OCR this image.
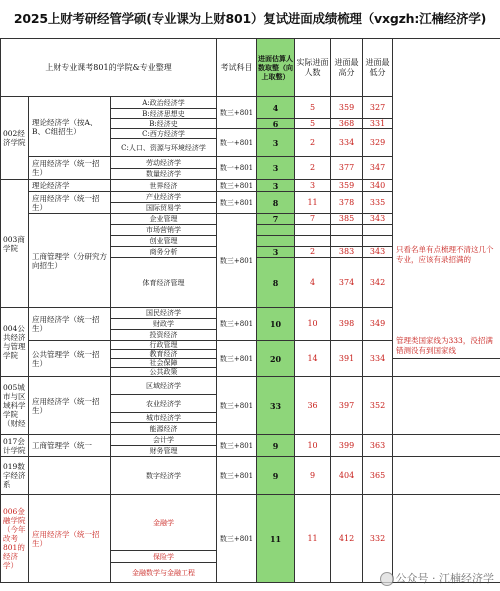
2025上财考研经管学硕(专业课为上财801）复试进面成绩梳理（vxgzh:江楠经济学)
上财专业课考801的学院&专业整理			考试科目	进面估算人数取整（向上取整）	实际进面人数	进面最高分	进面最低分	
002经济学院	理论经济学（按A、B、C组招生）	A:政治经济学	数三+801	4	5	359	327	
		B:经济思想史						
		B:经济史		6	5	368	331	
		C:西方经济学	数一+801	3	2	334	329	
		C:人口、资源与环境经济学						
	应用经济学（统一招生）	劳动经济学	数一+801	3	2	377	347	
		数量经济学						
003商学院	理论经济学	世界经济	数三+801	3	3	359	340	
	应用经济学（统一招生）	产业经济学	数三+801	8	11	378	335	
		国际贸易学						
	工商管理学（分研究方向招生）	企业管理	数三+801	7	7	385	343	
		市场营销学						
		创业管理						
		商务分析		3	2	383	343	
		体育经济管理		8	4	374	342	

004公共经济与管理学院	应用经济学（统一招生）	国民经济学	数三+801	10	10	398	349	
		财政学						
		投资经济						
	公共管理学（统一招生）	行政管理	数三+801	20	14	391	334	
		教育经济						
		社会保障						
		公共政策						
005城市与区域科学学院（财经	应用经济学（统一招生）	区域经济学	数三+801	33	36	397	352	
		农业经济学						
		城市经济学						
		能源经济						
017会计学院	工商管理学（统一	会计学	数三+801	9	10	399	363	
		财务管理						
019数字经济系		数字经济学	数三+801	9	9	404	365	
006金融学院（今年改考801的经济学）	应用经济学（统一招生）	金融学	数三+801	11	11	412	332	
		保险学						
		金融数学与金融工程						
只看名单有点梳理不清这几个专业，应该有录招满的
管理类国家线为333，没招满错测没有到国家线
公众号 · 江楠经济学
